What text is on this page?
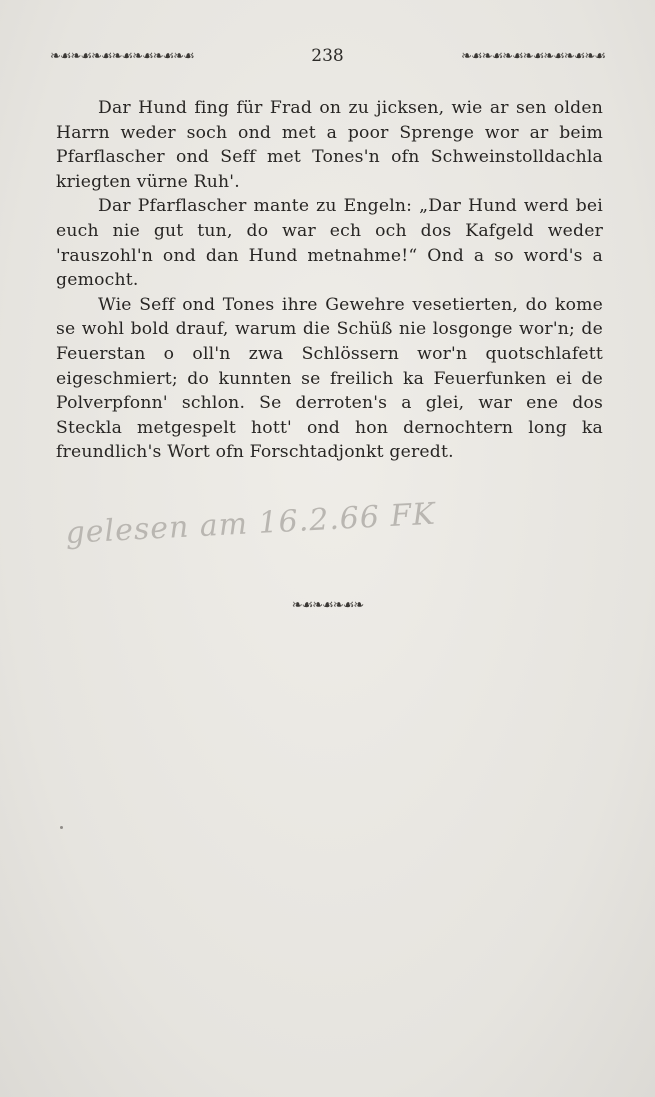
❧☙❧☙❧☙❧☙❧☙❧☙❧☙	238	❧☙❧☙❧☙❧☙❧☙❧☙❧☙

Dar Hund fing für Frad on zu jicksen, wie ar sen olden Harrn weder soch ond met a poor Sprenge wor ar beim Pfarflascher ond Seff met Tones'n ofn Schweinstolldachla kriegten vürne Ruh'.

Dar Pfarflascher mante zu Engeln: „Dar Hund werd bei euch nie gut tun, do war ech och dos Kafgeld weder 'rauszohl'n ond dan Hund metnahme!“ Ond a so word's a gemocht.

Wie Seff ond Tones ihre Gewehre vesetierten, do kome se wohl bold drauf, warum die Schüß nie losgonge wor'n; de Feuerstan o oll'n zwa Schlössern wor'n quotschlafett eigeschmiert; do kunnten se freilich ka Feuerfunken ei de Polverpfonn' schlon. Se derroten's a glei, war ene dos Steckla metgespelt hott' ond hon dernochtern long ka freundlich's Wort ofn Forschtadjonkt geredt.

gelesen am 16.2.66 FK
❧☙❧☙❧☙❧
